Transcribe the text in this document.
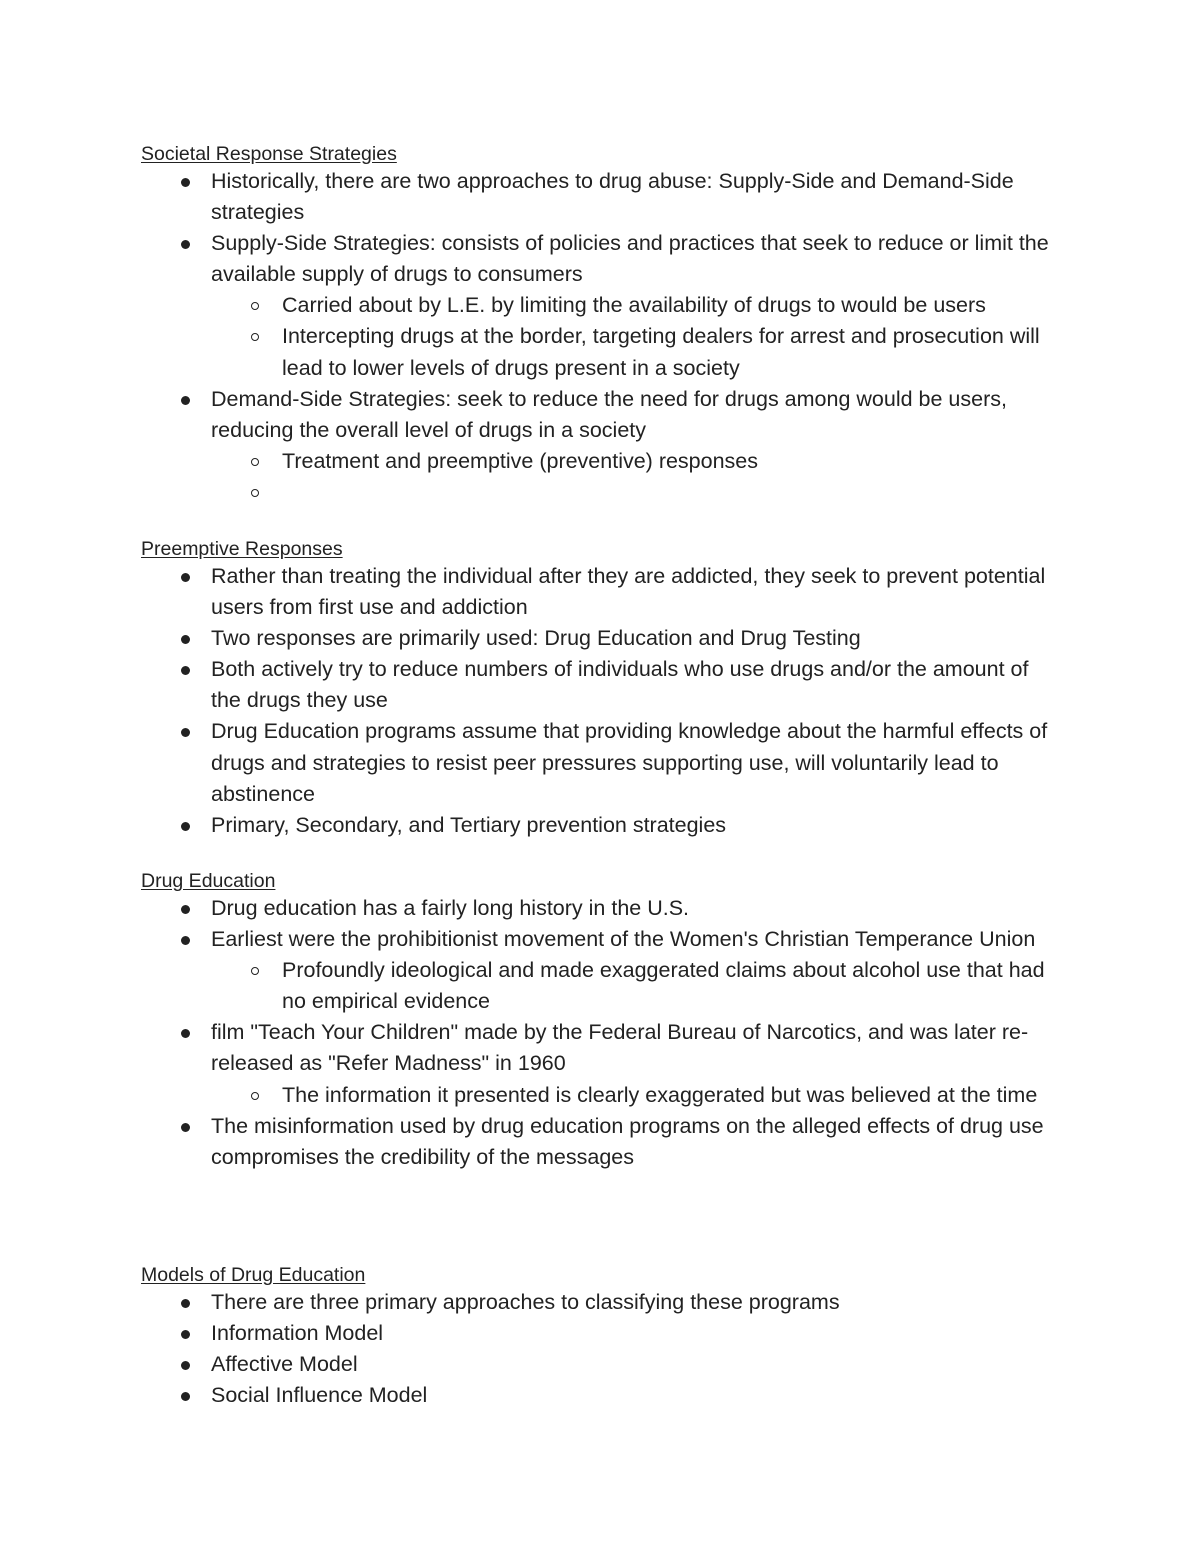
Societal Response Strategies

Historically, there are two approaches to drug abuse: Supply-Side and Demand-Side strategies
Supply-Side Strategies: consists of policies and practices that seek to reduce or limit the available supply of drugs to consumers
Carried about by L.E. by limiting the availability of drugs to would be users
Intercepting drugs at the border, targeting dealers for arrest and prosecution will lead to lower levels of drugs present in a society
Demand-Side Strategies: seek to reduce the need for drugs among would be users, reducing the overall level of drugs in a society
Treatment and preemptive (preventive) responses

Preemptive Responses

Rather than treating the individual after they are addicted, they seek to prevent potential users from first use and addiction
Two responses are primarily used: Drug Education and Drug Testing
Both actively try to reduce numbers of individuals who use drugs and/or the amount of the drugs they use
Drug Education programs assume that providing knowledge about the harmful effects of drugs and strategies to resist peer pressures supporting use, will voluntarily lead to abstinence
Primary, Secondary, and Tertiary prevention strategies

Drug Education

Drug education has a fairly long history in the U.S.
Earliest were the prohibitionist movement of the Women's Christian Temperance Union
Profoundly ideological and made exaggerated claims about alcohol use that had no empirical evidence
film "Teach Your Children" made by the Federal Bureau of Narcotics, and was later re-released as "Refer Madness" in 1960
The information it presented is clearly exaggerated but was believed at the time
The misinformation used by drug education programs on the alleged effects of drug use compromises the credibility of the messages

Models of Drug Education

There are three primary approaches to classifying these programs
Information Model
Affective Model
Social Influence Model
